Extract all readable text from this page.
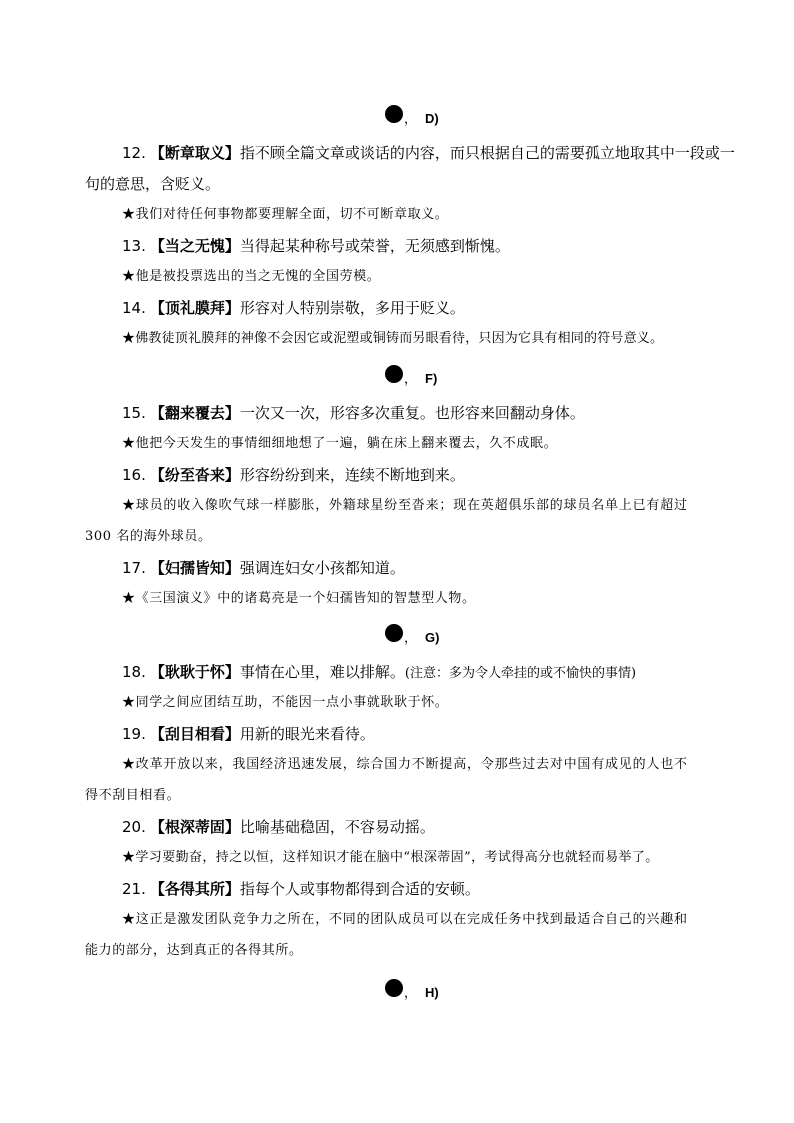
， D)
12. 【断章取义】指不顾全篇文章或谈话的内容，而只根据自己的需要孤立地取其中一段或一
句的意思，含贬义。
★我们对待任何事物都要理解全面，切不可断章取义。
13. 【当之无愧】当得起某种称号或荣誉，无须感到惭愧。
★他是被投票选出的当之无愧的全国劳模。
14. 【顶礼膜拜】形容对人特别崇敬，多用于贬义。
★佛教徒顶礼膜拜的神像不会因它或泥塑或铜铸而另眼看待，只因为它具有相同的符号意义。
， F)
15. 【翻来覆去】一次又一次，形容多次重复。也形容来回翻动身体。
★他把今天发生的事情细细地想了一遍，躺在床上翻来覆去，久不成眠。
16. 【纷至沓来】形容纷纷到来，连续不断地到来。
★球员的收入像吹气球一样膨胀，外籍球星纷至沓来；现在英超俱乐部的球员名单上已有超过
300 名的海外球员。
17. 【妇孺皆知】强调连妇女小孩都知道。
★《三国演义》中的诸葛亮是一个妇孺皆知的智慧型人物。
， G)
18. 【耿耿于怀】事情在心里，难以排解。(注意：多为令人牵挂的或不愉快的事情)
★同学之间应团结互助，不能因一点小事就耿耿于怀。
19. 【刮目相看】用新的眼光来看待。
★改革开放以来，我国经济迅速发展，综合国力不断提高，令那些过去对中国有成见的人也不
得不刮目相看。
20. 【根深蒂固】比喻基础稳固，不容易动摇。
★学习要勤奋，持之以恒，这样知识才能在脑中“根深蒂固”，考试得高分也就轻而易举了。
21. 【各得其所】指每个人或事物都得到合适的安顿。
★这正是激发团队竞争力之所在，不同的团队成员可以在完成任务中找到最适合自己的兴趣和
能力的部分，达到真正的各得其所。
， H)
